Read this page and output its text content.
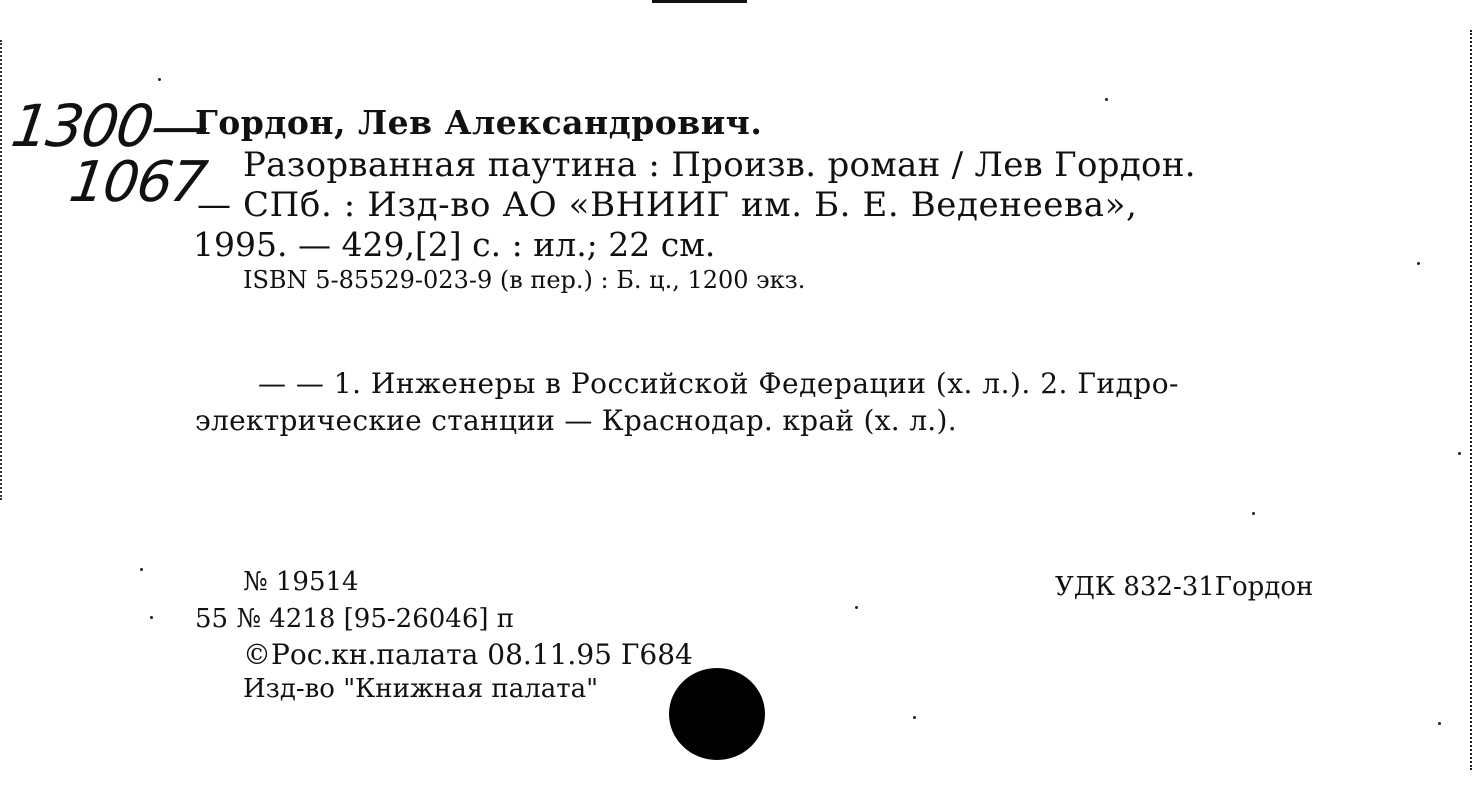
1300—
1067
Гордон, Лев Александрович.
Разорванная паутина : Произв. роман / Лев Гордон.
— СПб. : Изд-во АО «ВНИИГ им. Б. Е. Веденеева»,
1995. — 429,[2] с. : ил.; 22 см.
ISBN 5-85529-023-9 (в пер.) : Б. ц., 1200 экз.
— — 1. Инженеры в Российской Федерации (х. л.). 2. Гидро-
электрические станции — Краснодар. край (х. л.).
№ 19514
55 № 4218 [95-26046] п
©Рос.кн.палата 08.11.95 Г684
Изд-во "Книжная палата"
УДК 832-31Гордон
